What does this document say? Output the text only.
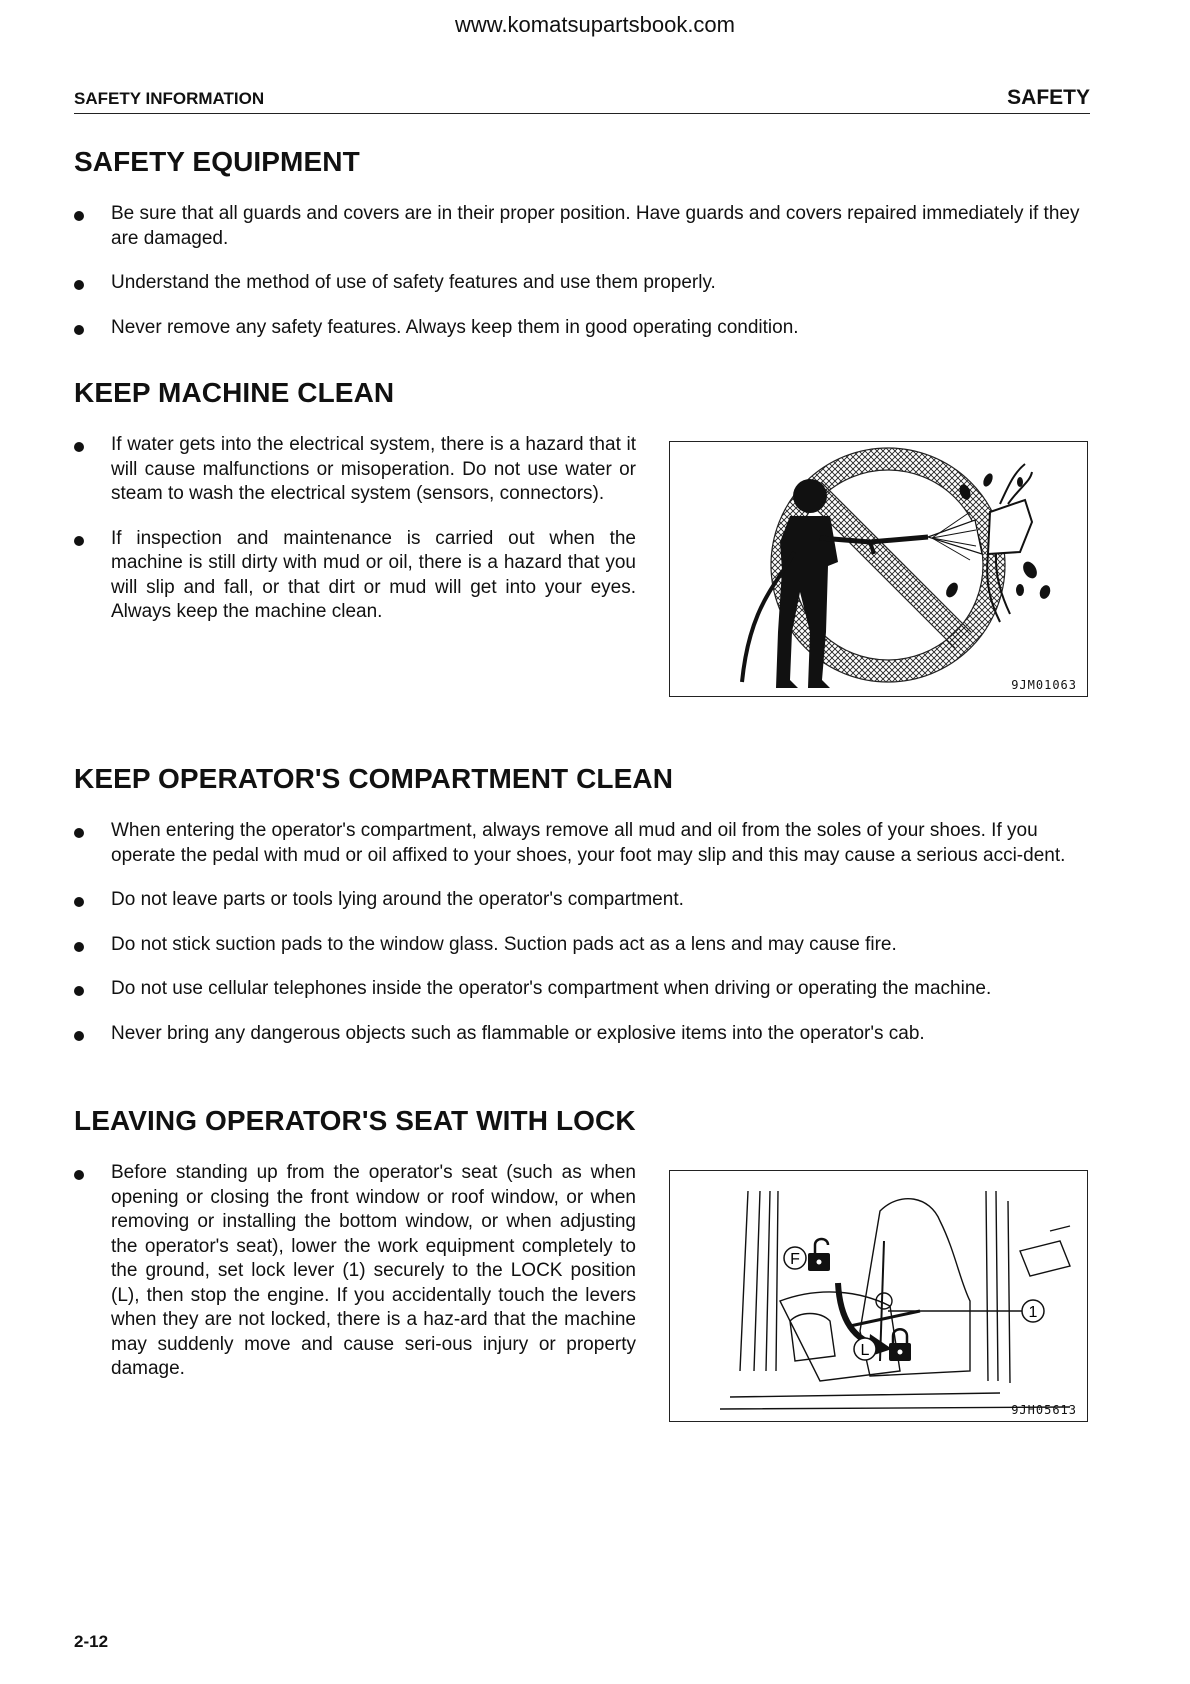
www.komatsupartsbook.com
SAFETY INFORMATION	SAFETY
SAFETY EQUIPMENT
Be sure that all guards and covers are in their proper position. Have guards and covers repaired immediately if they are damaged.
Understand the method of use of safety features and use them properly.
Never remove any safety features. Always keep them in good operating condition.
KEEP MACHINE CLEAN
If water gets into the electrical system, there is a hazard that it will cause malfunctions or misoperation. Do not use water or steam to wash the electrical system (sensors, connectors).
If inspection and maintenance is carried out when the machine is still dirty with mud or oil, there is a hazard that you will slip and fall, or that dirt or mud will get into your eyes. Always keep the machine clean.
9JM01063
KEEP OPERATOR'S COMPARTMENT CLEAN
When entering the operator's compartment, always remove all mud and oil from the soles of your shoes. If you operate the pedal with mud or oil affixed to your shoes, your foot may slip and this may cause a serious acci-dent.
Do not leave parts or tools lying around the operator's compartment.
Do not stick suction pads to the window glass. Suction pads act as a lens and may cause fire.
Do not use cellular telephones inside the operator's compartment when driving or operating the machine.
Never bring any dangerous objects such as flammable or explosive items into the operator's cab.
LEAVING OPERATOR'S SEAT WITH LOCK
Before standing up from the operator's seat (such as when opening or closing the front window or roof window, or when removing or installing the bottom window, or when adjusting the operator's seat), lower the work equipment completely to the ground, set lock lever (1) securely to the LOCK position (L), then stop the engine. If you accidentally touch the levers when they are not locked, there is a haz-ard that the machine may suddenly move and cause seri-ous injury or property damage.
F
L
1
9JH05613
2-12
